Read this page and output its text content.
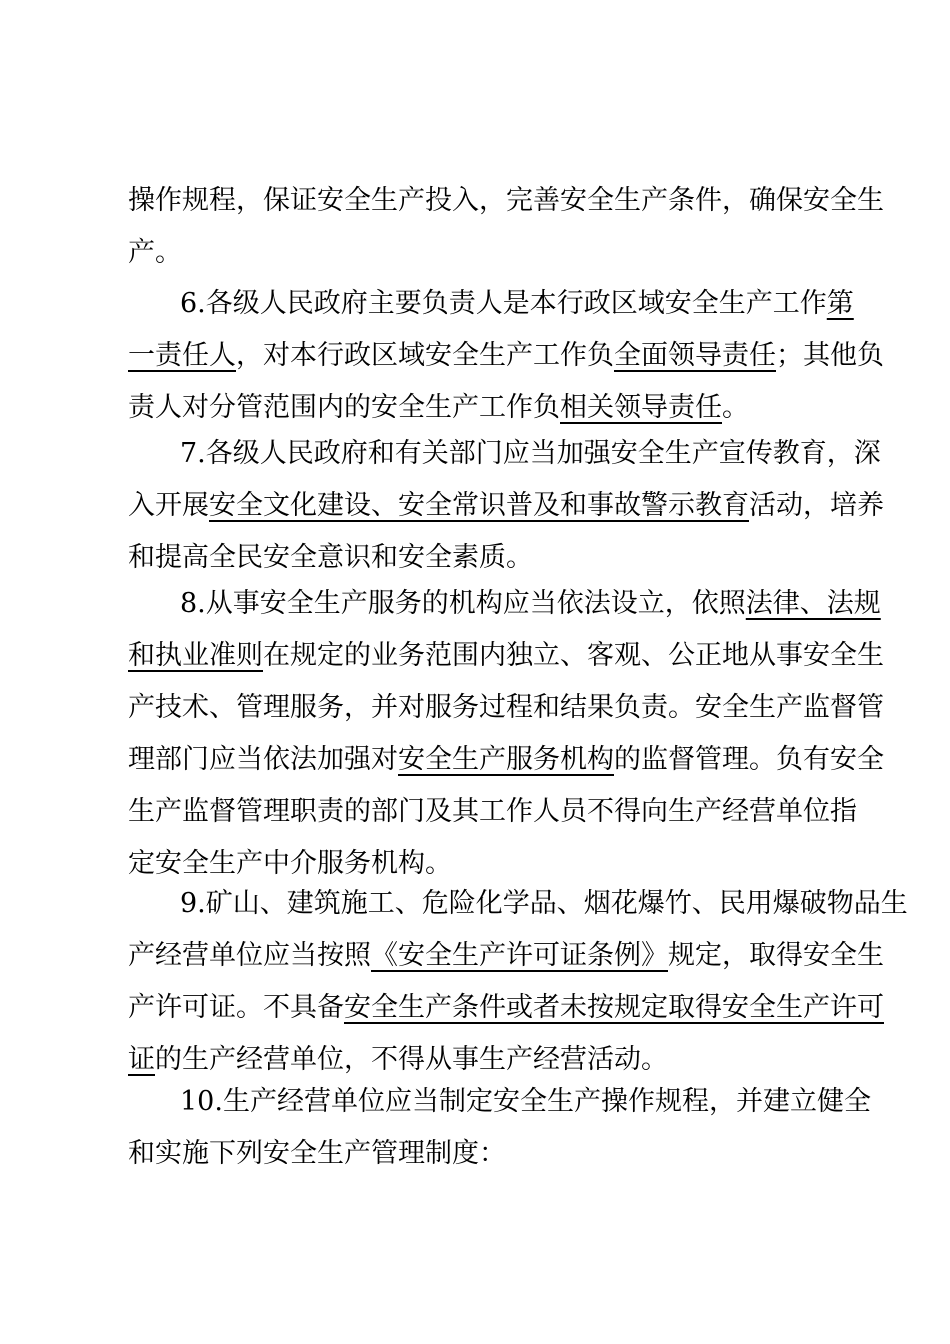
操作规程，保证安全生产投入，完善安全生产条件，确保安全生
产。
6.各级人民政府主要负责人是本行政区域安全生产工作第
一责任人，对本行政区域安全生产工作负全面领导责任；其他负
责人对分管范围内的安全生产工作负相关领导责任。
7.各级人民政府和有关部门应当加强安全生产宣传教育，深
入开展安全文化建设、安全常识普及和事故警示教育活动，培养
和提高全民安全意识和安全素质。
8.从事安全生产服务的机构应当依法设立，依照法律、法规
和执业准则在规定的业务范围内独立、客观、公正地从事安全生
产技术、管理服务，并对服务过程和结果负责。安全生产监督管
理部门应当依法加强对安全生产服务机构的监督管理。负有安全
生产监督管理职责的部门及其工作人员不得向生产经营单位指
定安全生产中介服务机构。
9.矿山、建筑施工、危险化学品、烟花爆竹、民用爆破物品生
产经营单位应当按照《安全生产许可证条例》规定，取得安全生
产许可证。不具备安全生产条件或者未按规定取得安全生产许可
证的生产经营单位，不得从事生产经营活动。
10.生产经营单位应当制定安全生产操作规程，并建立健全
和实施下列安全生产管理制度：
